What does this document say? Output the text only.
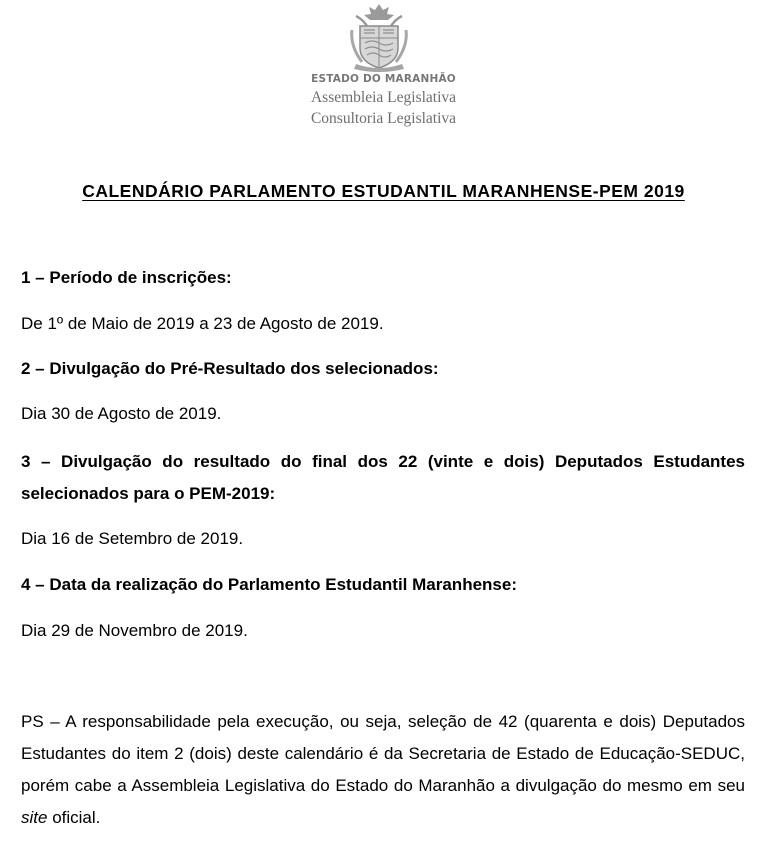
ESTADO DO MARANHÃO
Assembleia Legislativa
Consultoria Legislativa
CALENDÁRIO PARLAMENTO ESTUDANTIL MARANHENSE-PEM 2019
1 – Período de inscrições:
De 1º de Maio de 2019 a 23 de Agosto de 2019.
2 – Divulgação do Pré-Resultado dos selecionados:
Dia 30 de Agosto de 2019.
3 – Divulgação do resultado do final dos 22 (vinte e dois) Deputados Estudantes selecionados para o PEM-2019:
Dia 16 de Setembro de 2019.
4 – Data da realização do Parlamento Estudantil Maranhense:
Dia 29 de Novembro de 2019.
PS – A responsabilidade pela execução, ou seja, seleção de 42 (quarenta e dois) Deputados Estudantes do item 2 (dois) deste calendário é da Secretaria de Estado de Educação-SEDUC, porém cabe a Assembleia Legislativa do Estado do Maranhão a divulgação do mesmo em seu site oficial.
